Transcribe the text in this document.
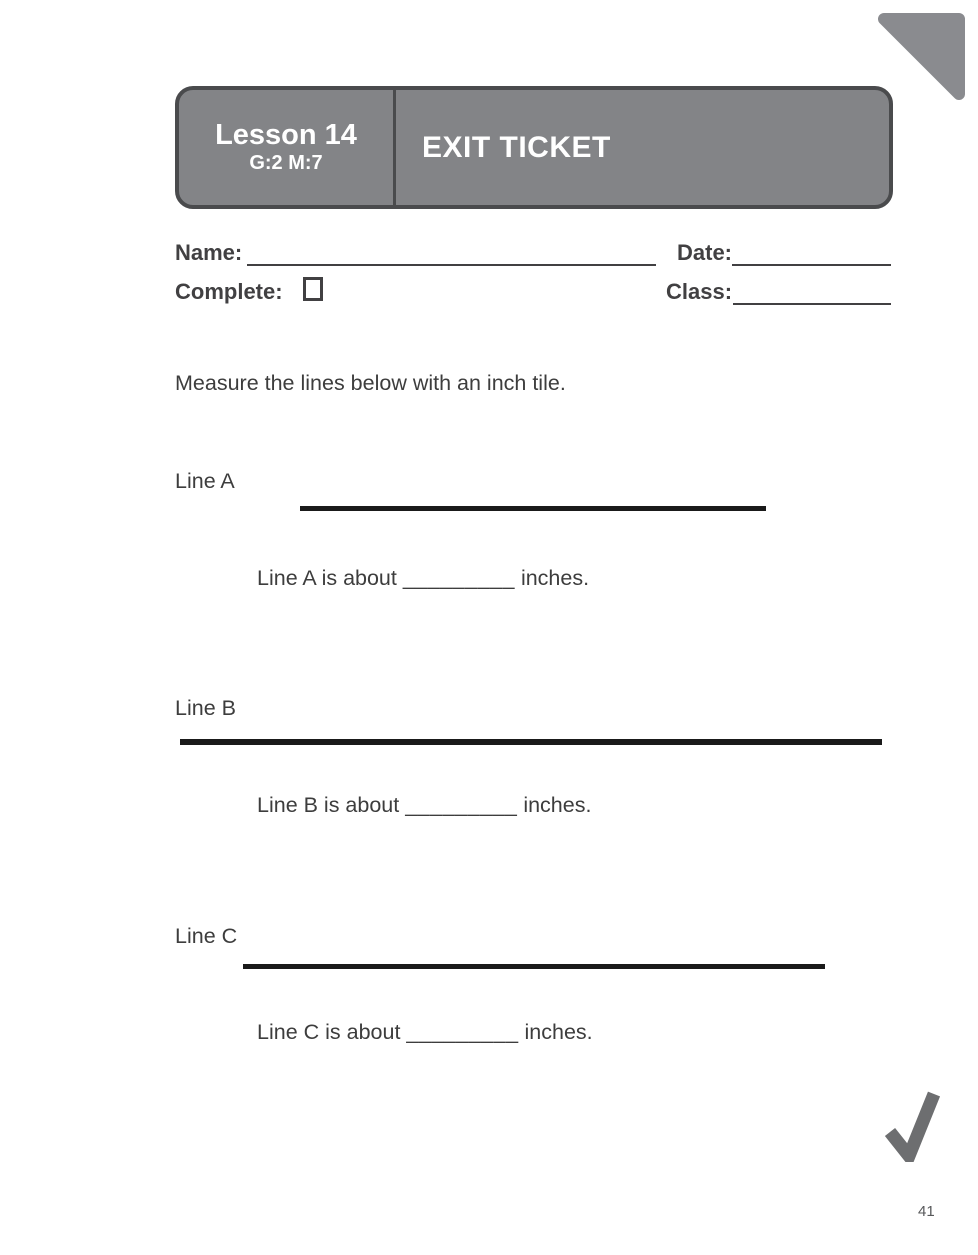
Lesson 14
G:2 M:7	EXIT TICKET
Name:	Date:
Complete:	Class:
Measure the lines below with an inch tile.
Line A
Line A is about _________ inches.
Line B
Line B is about _________ inches.
Line C
Line C is about _________ inches.
41
